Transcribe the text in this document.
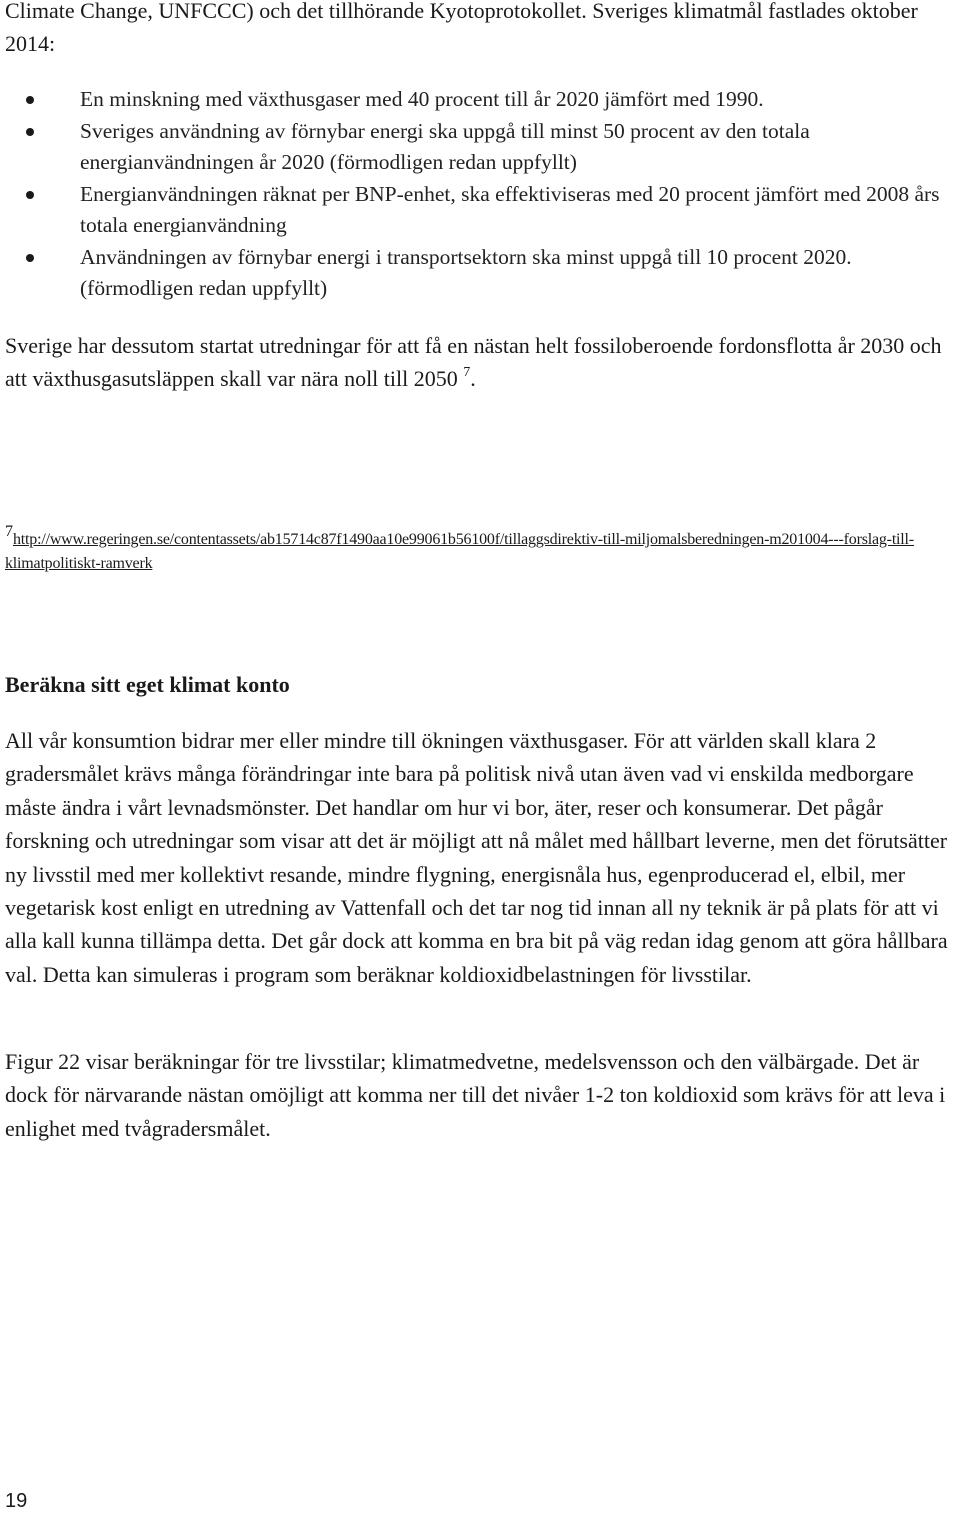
Climate Change, UNFCCC) och det tillhörande Kyotoprotokollet. Sveriges klimatmål fastlades oktober 2014:

En minskning med växthusgaser med 40 procent till år 2020 jämfört med 1990.
Sveriges användning av förnybar energi ska uppgå till minst 50 procent av den totala energianvändningen år 2020 (förmodligen redan uppfyllt)
Energianvändningen räknat per BNP-enhet, ska effektiviseras med 20 procent jämfört med 2008 års totala energianvändning
Användningen av förnybar energi i transportsektorn ska minst uppgå till 10 procent 2020. (förmodligen redan uppfyllt)

Sverige har dessutom startat utredningar för att få en nästan helt fossiloberoende fordonsflotta år 2030 och att växthusgasutsläppen skall var nära noll till 2050 $^7$.

7http://www.regeringen.se/contentassets/ab15714c87f1490aa10e99061b56100f/tillaggsdirektiv-till-miljomalsberedningen-m201004---forslag-till-klimatpolitiskt-ramverk
Beräkna sitt eget klimat konto

All vår konsumtion bidrar mer eller mindre till ökningen växthusgaser. För att världen skall klara 2 gradersmålet krävs många förändringar inte bara på politisk nivå utan även vad vi enskilda medborgare måste ändra i vårt levnadsmönster. Det handlar om hur vi bor, äter, reser och konsumerar. Det pågår forskning och utredningar som visar att det är möjligt att nå målet med hållbart leverne, men det förutsätter ny livsstil med mer kollektivt resande, mindre flygning, energisnåla hus, egenproducerad el, elbil, mer vegetarisk kost enligt en utredning av Vattenfall och det tar nog tid innan all ny teknik är på plats för att vi alla kall kunna tillämpa detta. Det går dock att komma en bra bit på väg redan idag genom att göra hållbara val. Detta kan simuleras i program som beräknar koldioxidbelastningen för livsstilar.

Figur 22 visar beräkningar för tre livsstilar; klimatmedvetne, medelsvensson och den välbärgade. Det är dock för närvarande nästan omöjligt att komma ner till det nivåer 1-2 ton koldioxid som krävs för att leva i enlighet med tvågradersmålet.

19
